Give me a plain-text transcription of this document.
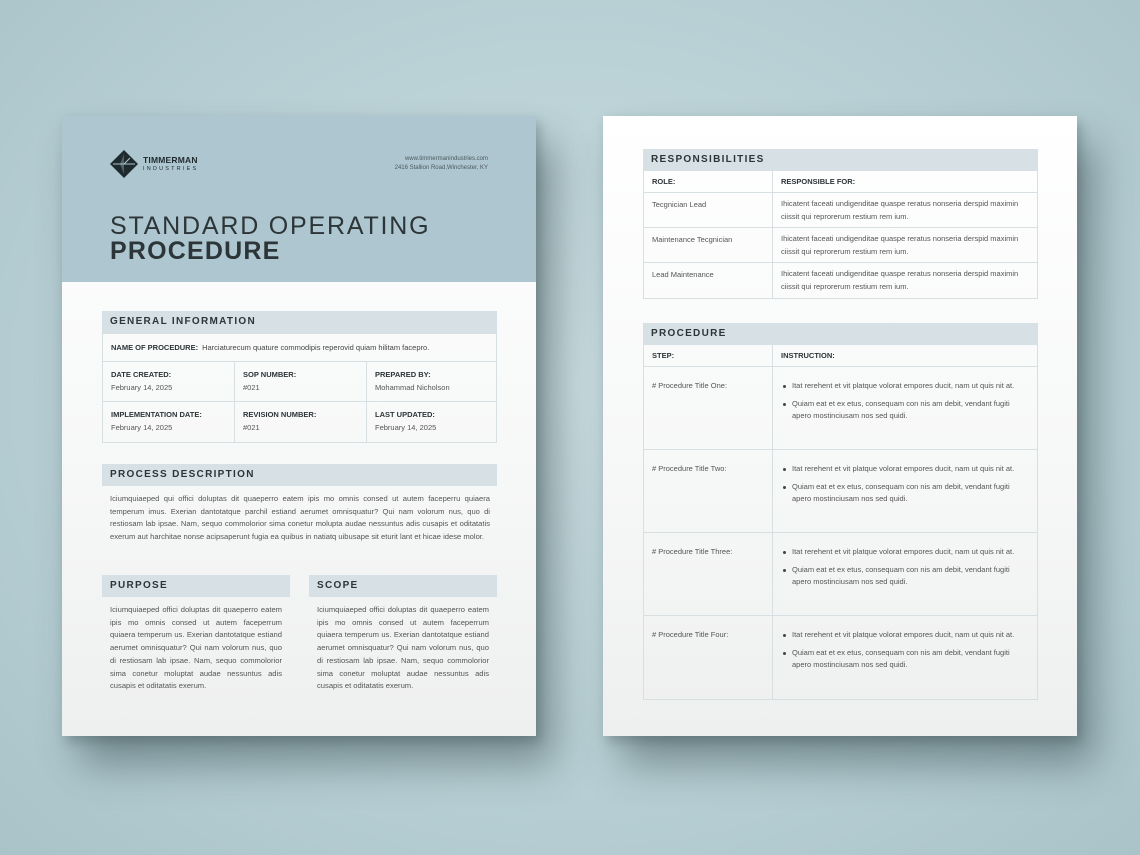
TIMMERMAN
INDUSTRIES
www.timmermanindustries.com
2416 Stallion Road,Winchester, KY
STANDARD OPERATING
PROCEDURE
GENERAL INFORMATION
NAME OF PROCEDURE: Harciaturecum quature commodipis reperovid quiam hilitam facepro.
DATE CREATED:
February 14, 2025
SOP NUMBER:
#021
PREPARED BY:
Mohammad Nicholson
IMPLEMENTATION DATE:
February 14, 2025
REVISION NUMBER:
#021
LAST UPDATED:
February 14, 2025
PROCESS DESCRIPTION
Iciumquiaeped qui offici doluptas dit quaeperro eatem ipis mo omnis consed ut autem faceperru quiaera temperum imus. Exerian dantotatque parchil estiand aerumet omnisquatur? Qui nam volorum nus, quo di restiosam lab ipsae. Nam, sequo commolorior sima conetur molupta audae nessuntus adis cusapis et oditatatis exerum aut harchitae nonse acipsaperunt fugia ea quibus in natiatq uibusape sit eturit lant et hicae idese molor.
PURPOSE
Iciumquiaeped offici doluptas dit quaeperro eatem ipis mo omnis consed ut autem faceperrum quiaera temperum us. Exerian dantotatque estiand aerumet omnisquatur? Qui nam volorum nus, quo di restiosam lab ipsae. Nam, sequo commolorior sima conetur moluptat audae nessuntus adis cusapis et oditatatis exerum.
SCOPE
Iciumquiaeped offici doluptas dit quaeperro eatem ipis mo omnis consed ut autem faceperrum quiaera temperum us. Exerian dantotatque estiand aerumet omnisquatur? Qui nam volorum nus, quo di restiosam lab ipsae. Nam, sequo commolorior sima conetur moluptat audae nessuntus adis cusapis et oditatatis exerum.
RESPONSIBILITIES
ROLE:	RESPONSIBLE FOR:
Tecgnician Lead	Ihicatent faceati undigenditae quaspe reratus nonseria derspid maximin ciissit qui reprorerum restium rem ium.
Maintenance Tecgnician	Ihicatent faceati undigenditae quaspe reratus nonseria derspid maximin ciissit qui reprorerum restium rem ium.
Lead Maintenance	Ihicatent faceati undigenditae quaspe reratus nonseria derspid maximin ciissit qui reprorerum restium rem ium.
PROCEDURE
STEP:	INSTRUCTION:
# Procedure Title One:	Itat rerehent et vit platque volorat empores ducit, nam ut quis nit at.
Quiam eat et ex etus, consequam con nis am debit, vendant fugiti apero mostinciusam nos sed quidi.
# Procedure Title Two:	Itat rerehent et vit platque volorat empores ducit, nam ut quis nit at.
Quiam eat et ex etus, consequam con nis am debit, vendant fugiti apero mostinciusam nos sed quidi.
# Procedure Title Three:	Itat rerehent et vit platque volorat empores ducit, nam ut quis nit at.
Quiam eat et ex etus, consequam con nis am debit, vendant fugiti apero mostinciusam nos sed quidi.
# Procedure Title Four:	Itat rerehent et vit platque volorat empores ducit, nam ut quis nit at.
Quiam eat et ex etus, consequam con nis am debit, vendant fugiti apero mostinciusam nos sed quidi.
